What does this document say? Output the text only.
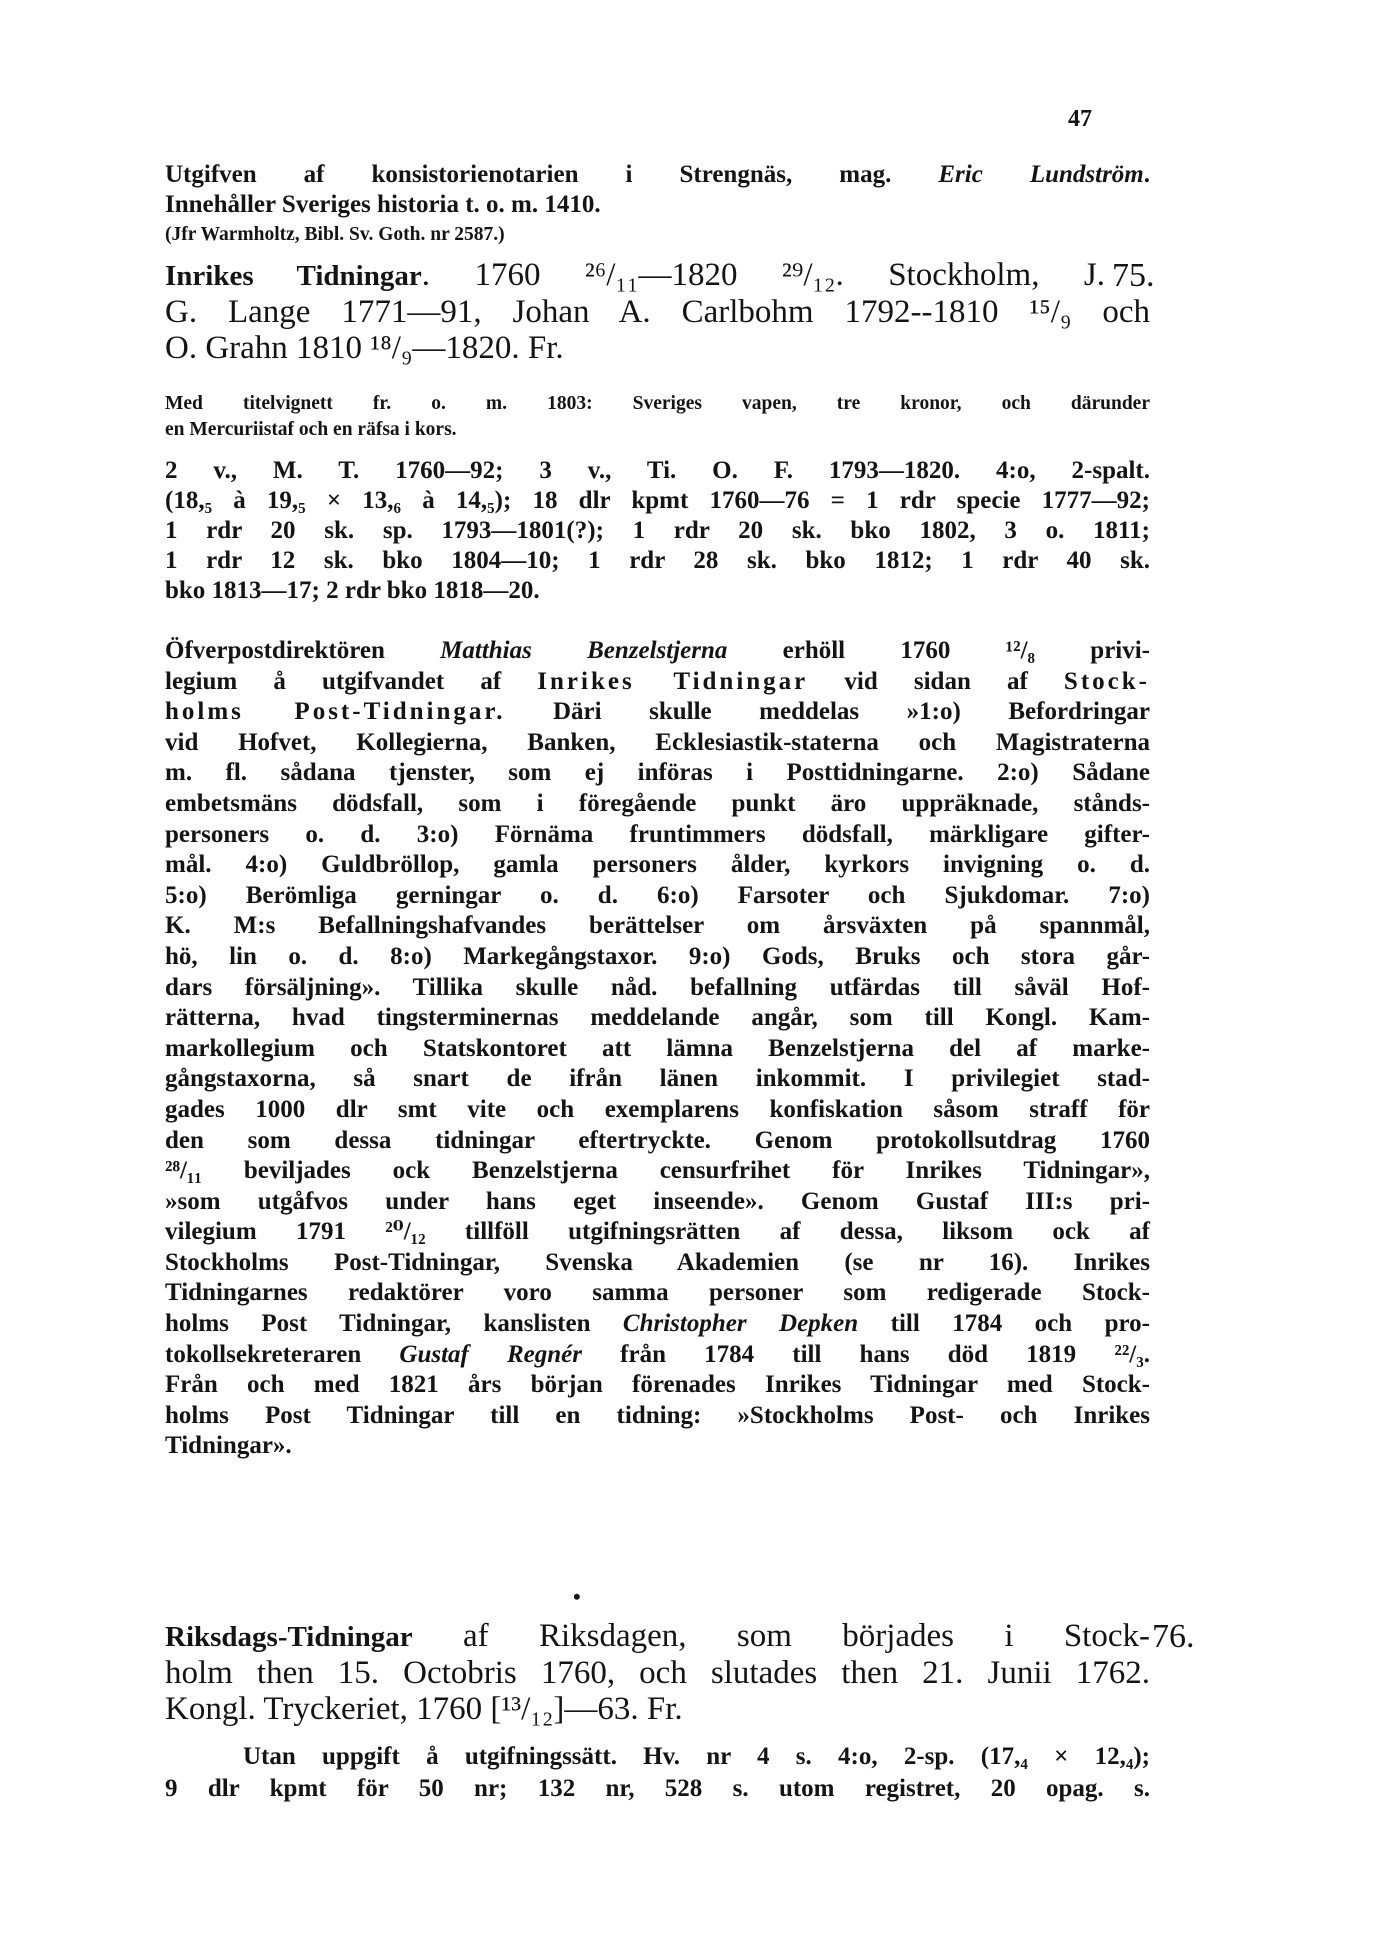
47
Utgifven af konsistorienotarien i Strengnäs, mag. Eric Lundström.
Innehåller Sveriges historia t. o. m. 1410.
(Jfr Warmholtz, Bibl. Sv. Goth. nr 2587.)
75.
Inrikes Tidningar. 1760 ²⁶/₁₁—1820 ²⁹/₁₂. Stockholm, J.
G. Lange 1771—91, Johan A. Carlbohm 1792--1810 ¹⁵/₉ och
O. Grahn 1810 ¹⁸/₉—1820. Fr.
Med titelvignett fr. o. m. 1803: Sveriges vapen, tre kronor, och därunder
en Mercuriistaf och en räfsa i kors.
2 v., M. T. 1760—92; 3 v., Ti. O. F. 1793—1820. 4:o, 2-spalt.
(18,₅ à 19,₅ × 13,₆ à 14,₅); 18 dlr kpmt 1760—76 = 1 rdr specie 1777—92;
1 rdr 20 sk. sp. 1793—1801(?); 1 rdr 20 sk. bko 1802, 3 o. 1811;
1 rdr 12 sk. bko 1804—10; 1 rdr 28 sk. bko 1812; 1 rdr 40 sk.
bko 1813—17; 2 rdr bko 1818—20.
Öfverpostdirektören Matthias Benzelstjerna erhöll 1760 ¹²/₈ privi-
legium å utgifvandet af Inrikes Tidningar vid sidan af Stock-
holms Post-Tidningar. Däri skulle meddelas »1:o) Befordringar
vid Hofvet, Kollegierna, Banken, Ecklesiastik-staterna och Magistraterna
m. fl. sådana tjenster, som ej införas i Posttidningarne. 2:o) Sådane
embetsmäns dödsfall, som i föregående punkt äro uppräknade, stånds-
personers o. d. 3:o) Förnäma fruntimmers dödsfall, märkligare gifter-
mål. 4:o) Guldbröllop, gamla personers ålder, kyrkors invigning o. d.
5:o) Berömliga gerningar o. d. 6:o) Farsoter och Sjukdomar. 7:o)
K. M:s Befallningshafvandes berättelser om årsväxten på spannmål,
hö, lin o. d. 8:o) Markegångstaxor. 9:o) Gods, Bruks och stora går-
dars försäljning». Tillika skulle nåd. befallning utfärdas till såväl Hof-
rätterna, hvad tingsterminernas meddelande angår, som till Kongl. Kam-
markollegium och Statskontoret att lämna Benzelstjerna del af marke-
gångstaxorna, så snart de ifrån länen inkommit. I privilegiet stad-
gades 1000 dlr smt vite och exemplarens konfiskation såsom straff för
den som dessa tidningar eftertryckte. Genom protokollsutdrag 1760
²⁸/₁₁ beviljades ock Benzelstjerna censurfrihet för Inrikes Tidningar»,
»som utgåfvos under hans eget inseende». Genom Gustaf III:s pri-
vilegium 1791 ²⁰/₁₂ tillföll utgifningsrätten af dessa, liksom ock af
Stockholms Post-Tidningar, Svenska Akademien (se nr 16). Inrikes
Tidningarnes redaktörer voro samma personer som redigerade Stock-
holms Post Tidningar, kanslisten Christopher Depken till 1784 och pro-
tokollsekreteraren Gustaf Regnér från 1784 till hans död 1819 ²²/₃.
Från och med 1821 års början förenades Inrikes Tidningar med Stock-
holms Post Tidningar till en tidning: »Stockholms Post- och Inrikes
Tidningar».
•
76.
Riksdags-Tidningar af Riksdagen, som börjades i Stock-
holm then 15. Octobris 1760, och slutades then 21. Junii 1762.
Kongl. Tryckeriet, 1760 [¹³/₁₂]—63. Fr.
Utan uppgift å utgifningssätt. Hv. nr 4 s. 4:o, 2-sp. (17,₄ × 12,₄);
9 dlr kpmt för 50 nr; 132 nr, 528 s. utom registret, 20 opag. s.
